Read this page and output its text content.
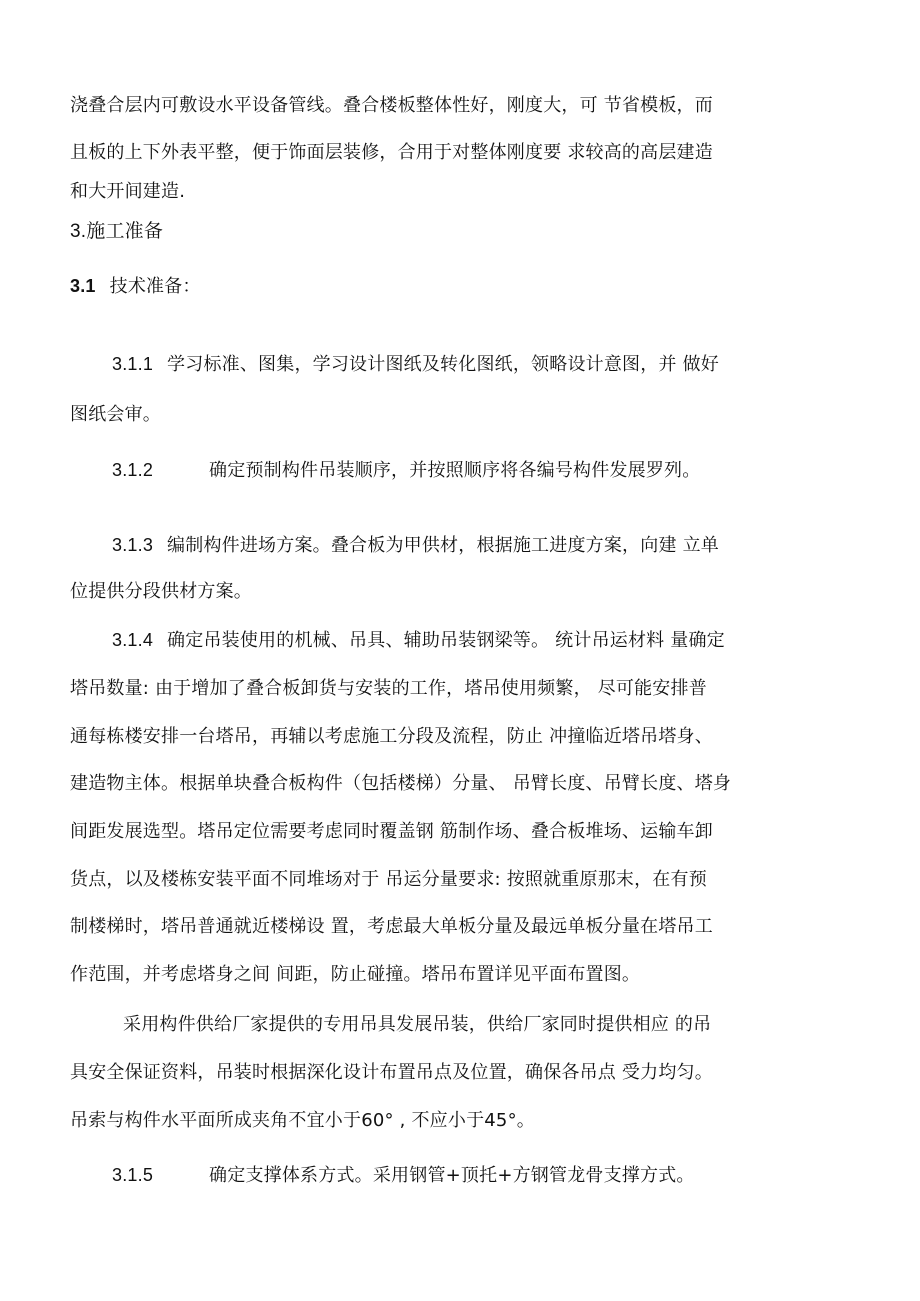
浇叠合层内可敷设水平设备管线。叠合楼板整体性好，刚度大，可 节省模板，而
且板的上下外表平整，便于饰面层装修，合用于对整体刚度要 求较高的高层建造
和大开间建造.
3.施工准备
3.1 技术准备：
3.1.1 学习标准、图集，学习设计图纸及转化图纸，领略设计意图，并 做好
图纸会审。
3.1.2	确定预制构件吊装顺序，并按照顺序将各编号构件发展罗列。
3.1.3 编制构件进场方案。叠合板为甲供材，根据施工进度方案，向建 立单
位提供分段供材方案。
3.1.4 确定吊装使用的机械、吊具、辅助吊装钢梁等。 统计吊运材料 量确定
塔吊数量: 由于增加了叠合板卸货与安装的工作，塔吊使用频繁， 尽可能安排普
通每栋楼安排一台塔吊，再辅以考虑施工分段及流程，防止 冲撞临近塔吊塔身、
建造物主体。根据单块叠合板构件（包括楼梯）分量、 吊臂长度、吊臂长度、塔身
间距发展选型。塔吊定位需要考虑同时覆盖钢 筋制作场、叠合板堆场、运输车卸
货点，以及楼栋安装平面不同堆场对于 吊运分量要求: 按照就重原那末，在有预
制楼梯时，塔吊普通就近楼梯设 置，考虑最大单板分量及最远单板分量在塔吊工
作范围，并考虑塔身之间 间距，防止碰撞。塔吊布置详见平面布置图。
采用构件供给厂家提供的专用吊具发展吊装，供给厂家同时提供相应 的吊
具安全保证资料，吊装时根据深化设计布置吊点及位置，确保各吊点 受力均匀。
吊索与构件水平面所成夹角不宜小于60° , 不应小于45°。
3.1.5	确定支撑体系方式。采用钢管+顶托+方钢管龙骨支撑方式。
